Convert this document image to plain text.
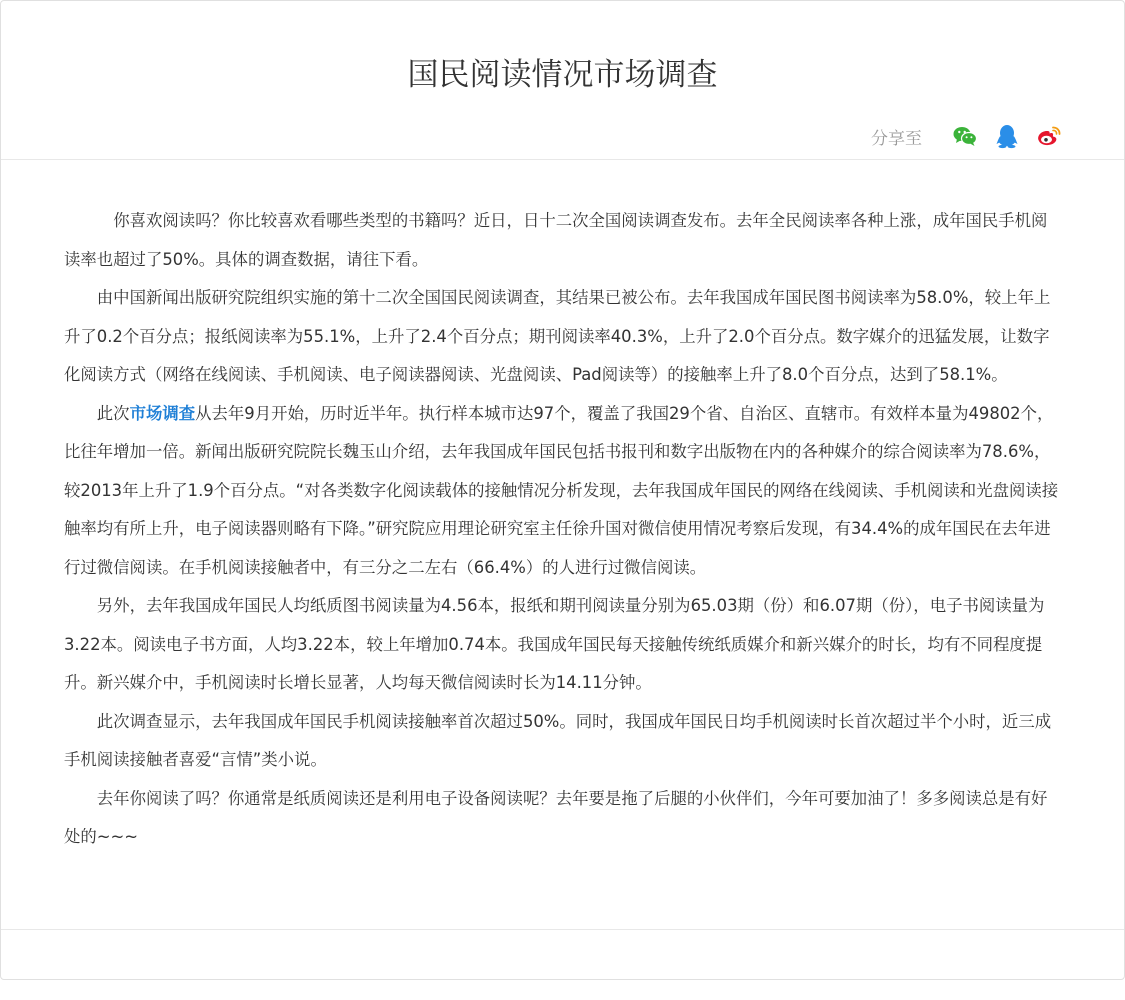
国民阅读情况市场调查
分享至

你喜欢阅读吗？你比较喜欢看哪些类型的书籍吗？近日，日十二次全国阅读调查发布。去年全民阅读率各种上涨，成年国民手机阅读率也超过了50%。具体的调查数据，请往下看。

由中国新闻出版研究院组织实施的第十二次全国国民阅读调查，其结果已被公布。去年我国成年国民图书阅读率为58.0%，较上年上升了0.2个百分点；报纸阅读率为55.1%，上升了2.4个百分点；期刊阅读率40.3%，上升了2.0个百分点。数字媒介的迅猛发展，让数字化阅读方式（网络在线阅读、手机阅读、电子阅读器阅读、光盘阅读、Pad阅读等）的接触率上升了8.0个百分点，达到了58.1%。

此次市场调查从去年9月开始，历时近半年。执行样本城市达97个，覆盖了我国29个省、自治区、直辖市。有效样本量为49802个，比往年增加一倍。新闻出版研究院院长魏玉山介绍，去年我国成年国民包括书报刊和数字出版物在内的各种媒介的综合阅读率为78.6%，较2013年上升了1.9个百分点。“对各类数字化阅读载体的接触情况分析发现，去年我国成年国民的网络在线阅读、手机阅读和光盘阅读接触率均有所上升，电子阅读器则略有下降。”研究院应用理论研究室主任徐升国对微信使用情况考察后发现，有34.4%的成年国民在去年进行过微信阅读。在手机阅读接触者中，有三分之二左右（66.4%）的人进行过微信阅读。

另外，去年我国成年国民人均纸质图书阅读量为4.56本，报纸和期刊阅读量分别为65.03期（份）和6.07期（份），电子书阅读量为3.22本。阅读电子书方面，人均3.22本，较上年增加0.74本。我国成年国民每天接触传统纸质媒介和新兴媒介的时长，均有不同程度提升。新兴媒介中，手机阅读时长增长显著，人均每天微信阅读时长为14.11分钟。

此次调查显示，去年我国成年国民手机阅读接触率首次超过50%。同时，我国成年国民日均手机阅读时长首次超过半个小时，近三成手机阅读接触者喜爱“言情”类小说。

去年你阅读了吗？你通常是纸质阅读还是利用电子设备阅读呢？去年要是拖了后腿的小伙伴们，今年可要加油了！多多阅读总是有好处的~~~
